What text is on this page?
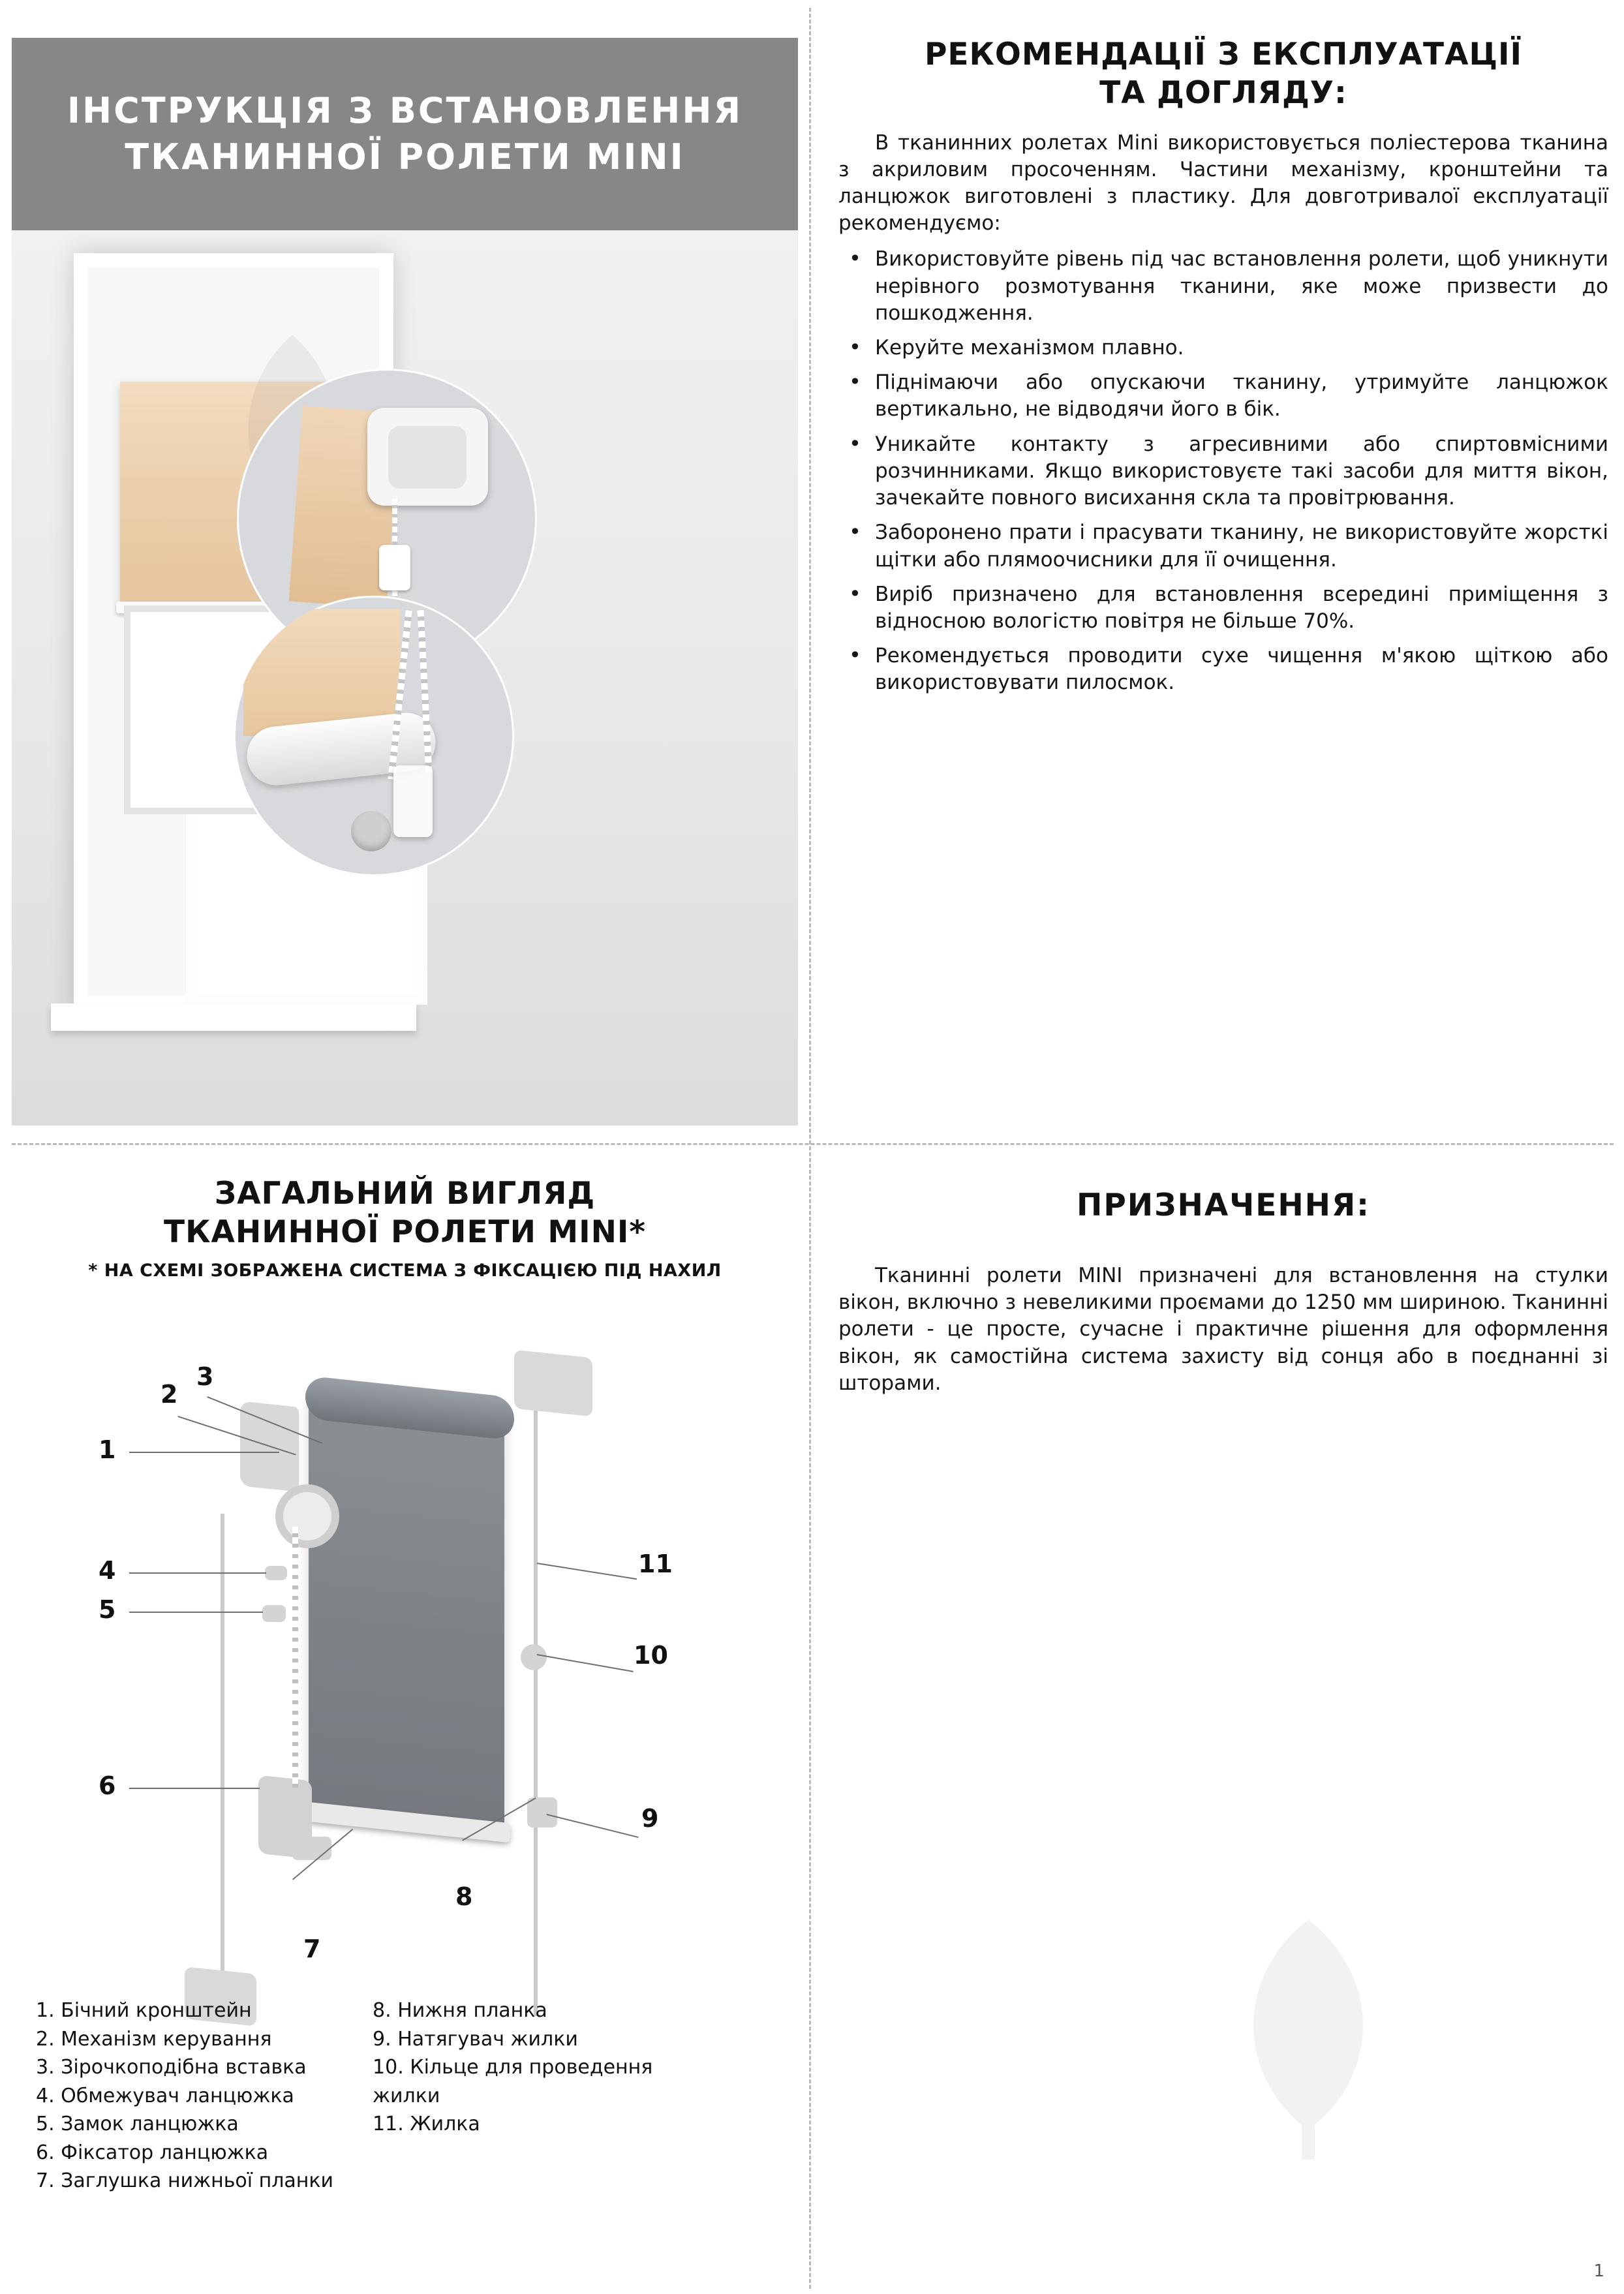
ІНСТРУКЦІЯ З ВСТАНОВЛЕННЯ
ТКАНИННОЇ РОЛЕТИ MINI
РЕКОМЕНДАЦІЇ З ЕКСПЛУАТАЦІЇ
ТА ДОГЛЯДУ:

В тканинних ролетах Mini використовується поліестерова тканина з акриловим просоченням. Частини механізму, кронштейни та ланцюжок виготовлені з пластику. Для довготривалої експлуатації рекомендуємо:

• Використовуйте рівень під час встановлення ролети, щоб уникнути нерівного розмотування тканини, яке може призвести до пошкодження.
• Керуйте механізмом плавно.
• Піднімаючи або опускаючи тканину, утримуйте ланцюжок вертикально, не відводячи його в бік.
• Уникайте контакту з агресивними або спиртовмісними розчинниками. Якщо використовуєте такі засоби для миття вікон, зачекайте повного висихання скла та провітрювання.
• Заборонено прати і прасувати тканину, не використовуйте жорсткі щітки або плямоочисники для її очищення.
• Виріб призначено для встановлення всередині приміщення з відносною вологістю повітря не більше 70%.
• Рекомендується проводити сухе чищення м'якою щіткою або використовувати пилосмок.
ЗАГАЛЬНИЙ ВИГЛЯД
ТКАНИННОЇ РОЛЕТИ MINI*
* НА СХЕМІ ЗОБРАЖЕНА СИСТЕМА З ФІКСАЦІЄЮ ПІД НАХИЛ
1
2
3
4
5
6
7
8
9
10
11
1. Бічний кронштейн
2. Механізм керування
3. Зірочкоподібна вставка
4. Обмежувач ланцюжка
5. Замок ланцюжка
6. Фіксатор ланцюжка
7. Заглушка нижньої планки
8. Нижня планка
9. Натягувач жилки
10. Кільце для проведення жилки
11. Жилка
ПРИЗНАЧЕННЯ:

Тканинні ролети MINI призначені для встановлення на стулки вікон, включно з невеликими проємами до 1250 мм шириною. Тканинні ролети - це просте, сучасне і практичне рішення для оформлення вікон, як самостійна система захисту від сонця або в поєднанні зі шторами.

1
